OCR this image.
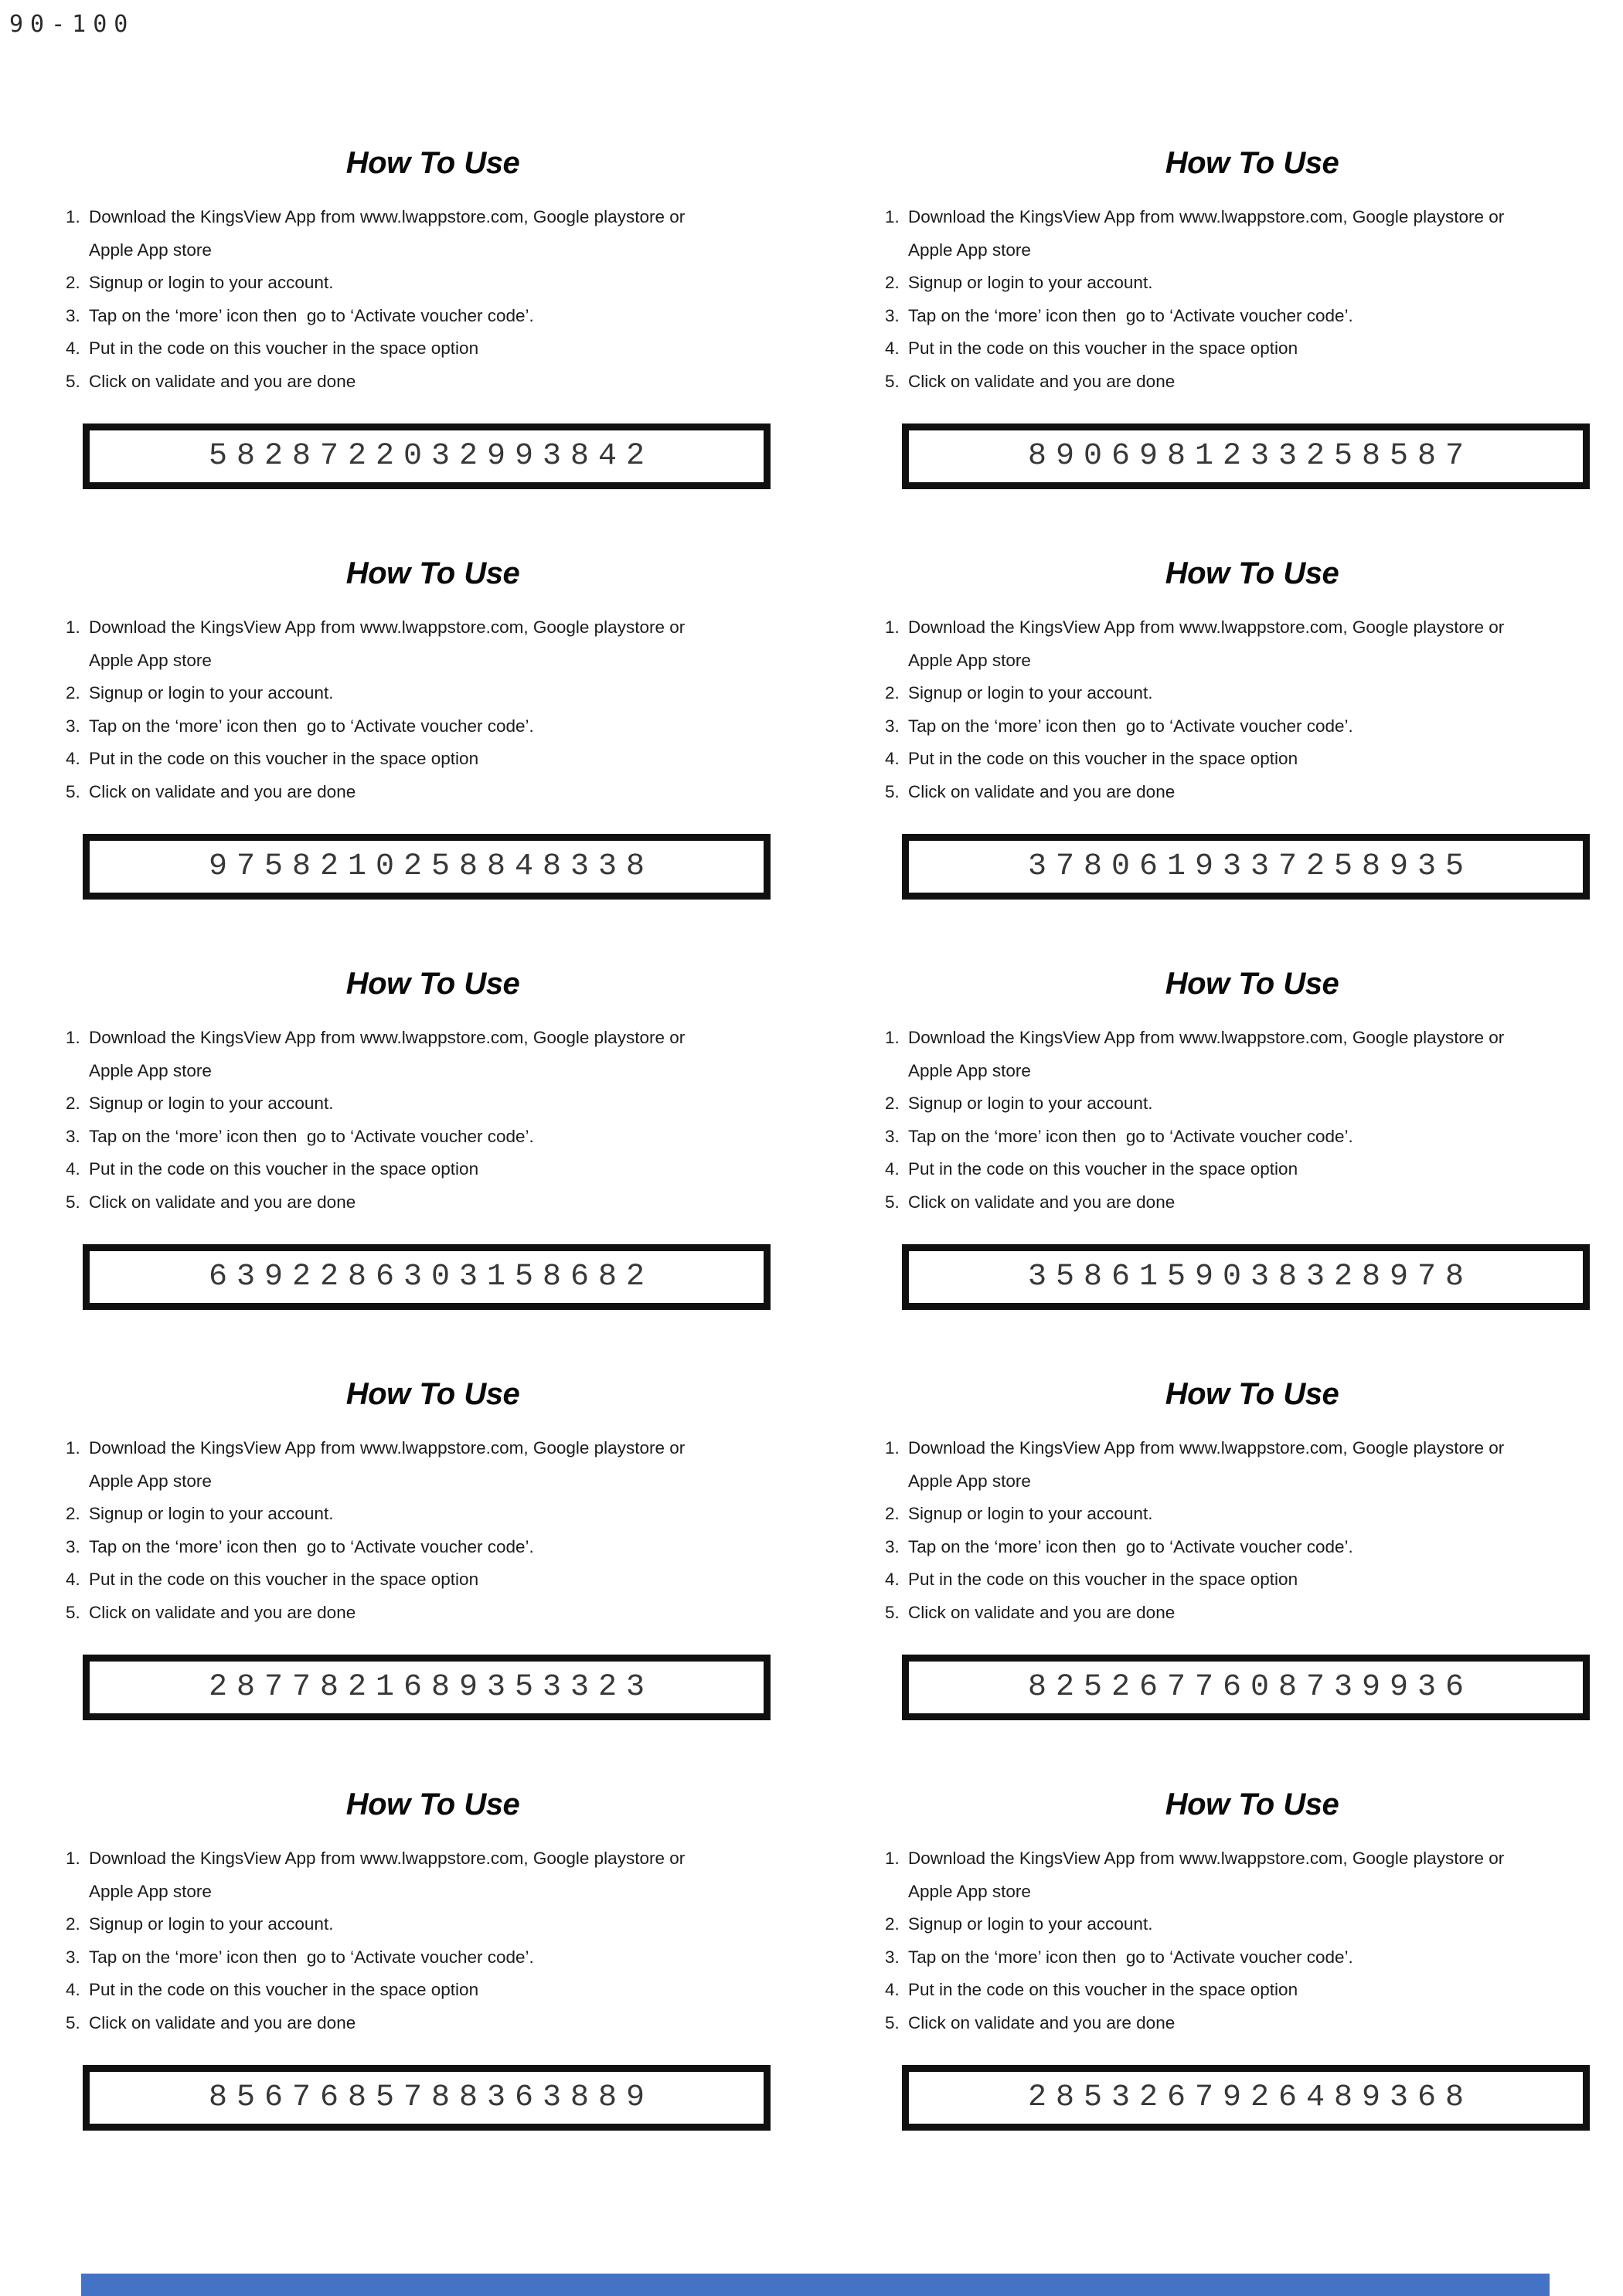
90-100
How To Use
1. Download the KingsView App from www.lwappstore.com, Google playstore or
Apple App store
2. Signup or login to your account.
3. Tap on the ‘more’ icon then  go to ‘Activate voucher code’.
4. Put in the code on this voucher in the space option
5. Click on validate and you are done
5828722032993842
How To Use
1. Download the KingsView App from www.lwappstore.com, Google playstore or
Apple App store
2. Signup or login to your account.
3. Tap on the ‘more’ icon then  go to ‘Activate voucher code’.
4. Put in the code on this voucher in the space option
5. Click on validate and you are done
8906981233258587
How To Use
1. Download the KingsView App from www.lwappstore.com, Google playstore or
Apple App store
2. Signup or login to your account.
3. Tap on the ‘more’ icon then  go to ‘Activate voucher code’.
4. Put in the code on this voucher in the space option
5. Click on validate and you are done
9758210258848338
How To Use
1. Download the KingsView App from www.lwappstore.com, Google playstore or
Apple App store
2. Signup or login to your account.
3. Tap on the ‘more’ icon then  go to ‘Activate voucher code’.
4. Put in the code on this voucher in the space option
5. Click on validate and you are done
3780619337258935
How To Use
1. Download the KingsView App from www.lwappstore.com, Google playstore or
Apple App store
2. Signup or login to your account.
3. Tap on the ‘more’ icon then  go to ‘Activate voucher code’.
4. Put in the code on this voucher in the space option
5. Click on validate and you are done
6392286303158682
How To Use
1. Download the KingsView App from www.lwappstore.com, Google playstore or
Apple App store
2. Signup or login to your account.
3. Tap on the ‘more’ icon then  go to ‘Activate voucher code’.
4. Put in the code on this voucher in the space option
5. Click on validate and you are done
3586159038328978
How To Use
1. Download the KingsView App from www.lwappstore.com, Google playstore or
Apple App store
2. Signup or login to your account.
3. Tap on the ‘more’ icon then  go to ‘Activate voucher code’.
4. Put in the code on this voucher in the space option
5. Click on validate and you are done
2877821689353323
How To Use
1. Download the KingsView App from www.lwappstore.com, Google playstore or
Apple App store
2. Signup or login to your account.
3. Tap on the ‘more’ icon then  go to ‘Activate voucher code’.
4. Put in the code on this voucher in the space option
5. Click on validate and you are done
8252677608739936
How To Use
1. Download the KingsView App from www.lwappstore.com, Google playstore or
Apple App store
2. Signup or login to your account.
3. Tap on the ‘more’ icon then  go to ‘Activate voucher code’.
4. Put in the code on this voucher in the space option
5. Click on validate and you are done
8567685788363889
How To Use
1. Download the KingsView App from www.lwappstore.com, Google playstore or
Apple App store
2. Signup or login to your account.
3. Tap on the ‘more’ icon then  go to ‘Activate voucher code’.
4. Put in the code on this voucher in the space option
5. Click on validate and you are done
2853267926489368
